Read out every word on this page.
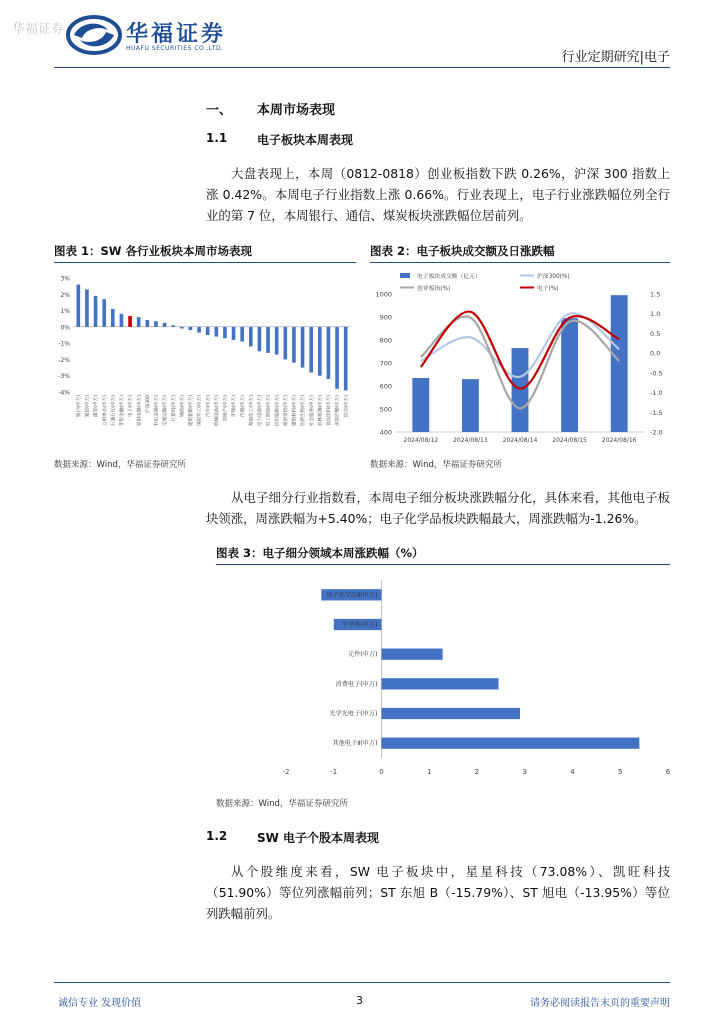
华福证券	华福证券
HUAFU SECURITIES CO.,LTD.
行业定期研究|电子
一、 本周市场表现
1.1 电子板块本周表现
大盘表现上，本周（0812-0818）创业板指数下跌 0.26%，沪深 300 指数上涨 0.42%。本周电子行业指数上涨 0.66%。行业表现上，电子行业涨跌幅位列全行业的第 7 位，本周银行、通信、煤炭板块涨跌幅位居前列。
图表 1：SW 各行业板块本周市场表现
3%
2%
1%
0%
-1%
-2%
-3%
-4%
银行(申万) 通信(申万) 煤炭(申万) 公用事业(申万) 石油石化(申万) 非银金融(申万) 电子(申万) 家用电器(申万) 沪深300 有色金属(申万) 交通运输(申万) 计算机(申万) 钢铁(申万) 建筑装饰(申万) 国防军工(申万) 汽车(申万) 机械设备(申万) 房地产(申万) 环保(申万) 传媒(申万) 基础化工(申万) 电力设备(申万) 轻工制造(申万) 纺织服饰(申万) 商贸零售(申万) 建筑材料(申万) 医药生物(申万) 社会服务(申万) 农林牧渔(申万) 食品饮料(申万) 美容护理(申万) 综合(申万)
数据来源：Wind，华福证券研究所
图表 2：电子板块成交额及日涨跌幅
1000
900
800
700
600
500
400
1.5
1.0
0.5
0.0
-0.5
-1.0
-1.5
-2.0
2024/08/12	2024/08/13	2024/08/14	2024/08/15	2024/08/16
电子板块成交额（亿元）	沪深300(%)
创业板指(%)	电子(%)
数据来源：Wind，华福证券研究所
从电子细分行业指数看，本周电子细分板块涨跌幅分化，具体来看，其他电子板块领涨，周涨跌幅为+5.40%；电子化学品板块跌幅最大，周涨跌幅为-1.26%。
图表 3：电子细分领域本周涨跌幅（%）
电子化学品Ⅱ(申万)
半导体(申万)
元件(申万)
消费电子(申万)
光学光电子(申万)
其他电子Ⅱ(申万)
-2	-1	0	1	2	3	4	5	6
数据来源：Wind，华福证券研究所
1.2 SW 电子个股本周表现
从个股维度来看，SW 电子板块中，星星科技（73.08%）、凯旺科技（51.90%）等位列涨幅前列；ST 东旭 B（-15.79%）、ST 旭电（-13.95%）等位列跌幅前列。
诚信专业 发现价值	3	请务必阅读报告末页的重要声明
